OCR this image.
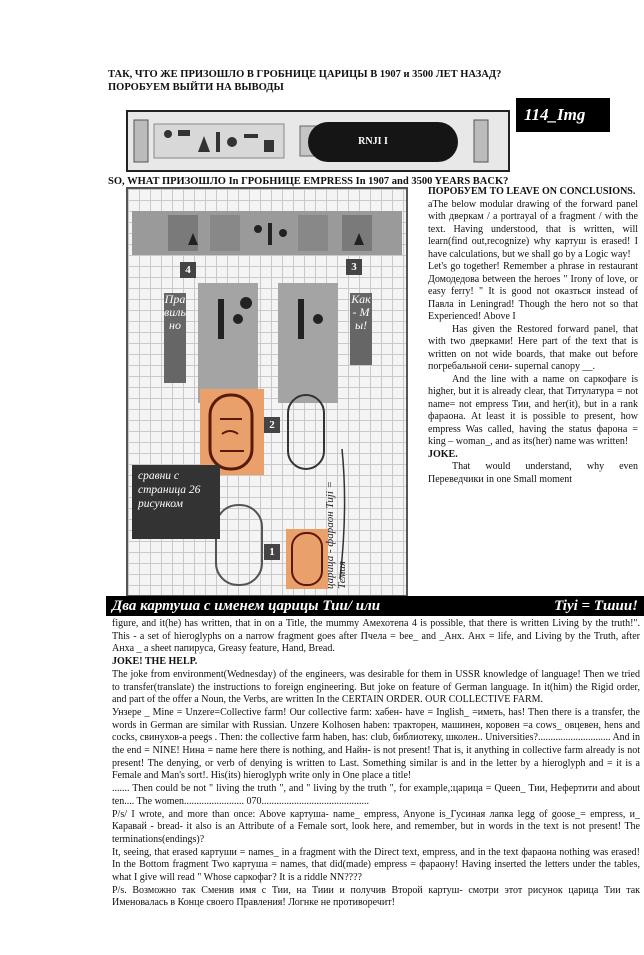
ТАК, ЧТО ЖЕ ПРИЗОШЛО В ГРОБНИЦЕ ЦАРИЦЫ В 1907 и 3500 ЛЕТ НАЗАД?
ПОРОБУЕМ ВЫЙТИ НА ВЫВОДЫ
114_Img
RNJI I
SO, WHAT ПРИЗОШЛО In ГРОБНИЦЕ EMPRESS In 1907 and 3500 YEARS BACK?
4	3
2
1
Правильно
Как - Мы!
сравни с страница 26 рисунком	царица - фараон Тиjі = Темия

ПОРОБУЕМ TO LEAVE ON CONCLUSIONS.

aThe below modular drawing of the forward panel with дверкам / a portrayal of a fragment / with the text. Having understood, that is written, will learn(find out,recognize) why картуш is erased! I have calculations, but we shall go by a Logic way!

Let's go together! Remember a phrase in restaurant Домодедова between the heroes " Irony of love, or easy ferry! " It is good not оказться instead of Павла in Leningrad! Though the hero not so that Experienced! Above I

Has given the Restored forward panel, that with two дверками! Here part of the text that is written on not wide boards, that make out before погребальной сени- supernal canopy __.

And the line with a name on саркофаге is higher, but it is already clear, that Титулатура = not name= not empress Тии, and her(it), but in a rank фараона. At least it is possible to present, how empress Was called, having the status фарона = king – woman_, and as its(her) name was written!

JOKE.

That would understand, why even Переведчики in one Small moment

Два картуша с именем царицы Тии/ или	Tiyi = Тшии!

figure, and it(he) has written, that in on a Title, the mummy Амехотепа 4 is possible, that there is written Living by the truth!". This - a set of hieroglyphs on a narrow fragment goes after Пчела = bee_ and _Анх. Анх = life, and Living by the Truth, after Анхa _ a sheet папируса, Greasy feature, Hand, Bread.

JOKE! THE HELP.

The joke from environment(Wednesday) of the engineers, was desirable for them in USSR knowledge of language! Then we tried to transfer(translate) the instructions to foreign engineering. But joke on feature of German language. In it(him) the Rigid order, and part of the offer a Noun, the Verbs, are written In the CERTAIN ORDER. OUR COLLECTIVE FARM.

Унзере _ Mine = Unzere=Collective farm! Our collective farm: хабен- have = Inglish_ =иметь, has! Then there is a transfer, the words in German are similar with Russian. Unzere Kolhosen haben: тракторен, машинен, коровен =a cows_ овцевен, hens and cocks, свинухов-a peegs . Then: the collective farm haben, has: club, библиотеку, школен.. Universities?............................. And in the end = NINE! Нина = name here there is nothing, and Найн- is not present! That is, it anything in collective farm already is not present! The denying, or verb of denying is written to Last. Something similar is and in the letter by a hieroglyph and = it is a Female and Man's sort!. His(its) hieroglyph write only in One place a title!

....... Then could be not " living the truth ", and " living by the truth ", for example,:царица = Queen_ Тии, Нефертити and about ten.... The women........................ 070...........................................

P/s/ I wrote, and more than once: Above картуша- name_ empress, Anyone is_Гусиная лапка legg of goose_= empress, и_ Каравай - bread- it also is an Attribute of a Female sort, look here, and remember, but in words in the text is not present! The terminations(endings)?

It, seeing, that erased картуши = names_ in a fragment with the Direct text, empress, and in the text фараона nothing was erased! In the Bottom fragment Two картуша = names, that did(made) empress = фараону! Having inserted the letters under the tables, what I give will read " Whose саркофаг? It is a riddle NN????

P/s. Возможно так Сменив имя с Тии, на Тиии и получив Второй картуш- смотри этот рисунок царица Тии так Именовалась в Конце своего Правления! Логнке не противоречит!
